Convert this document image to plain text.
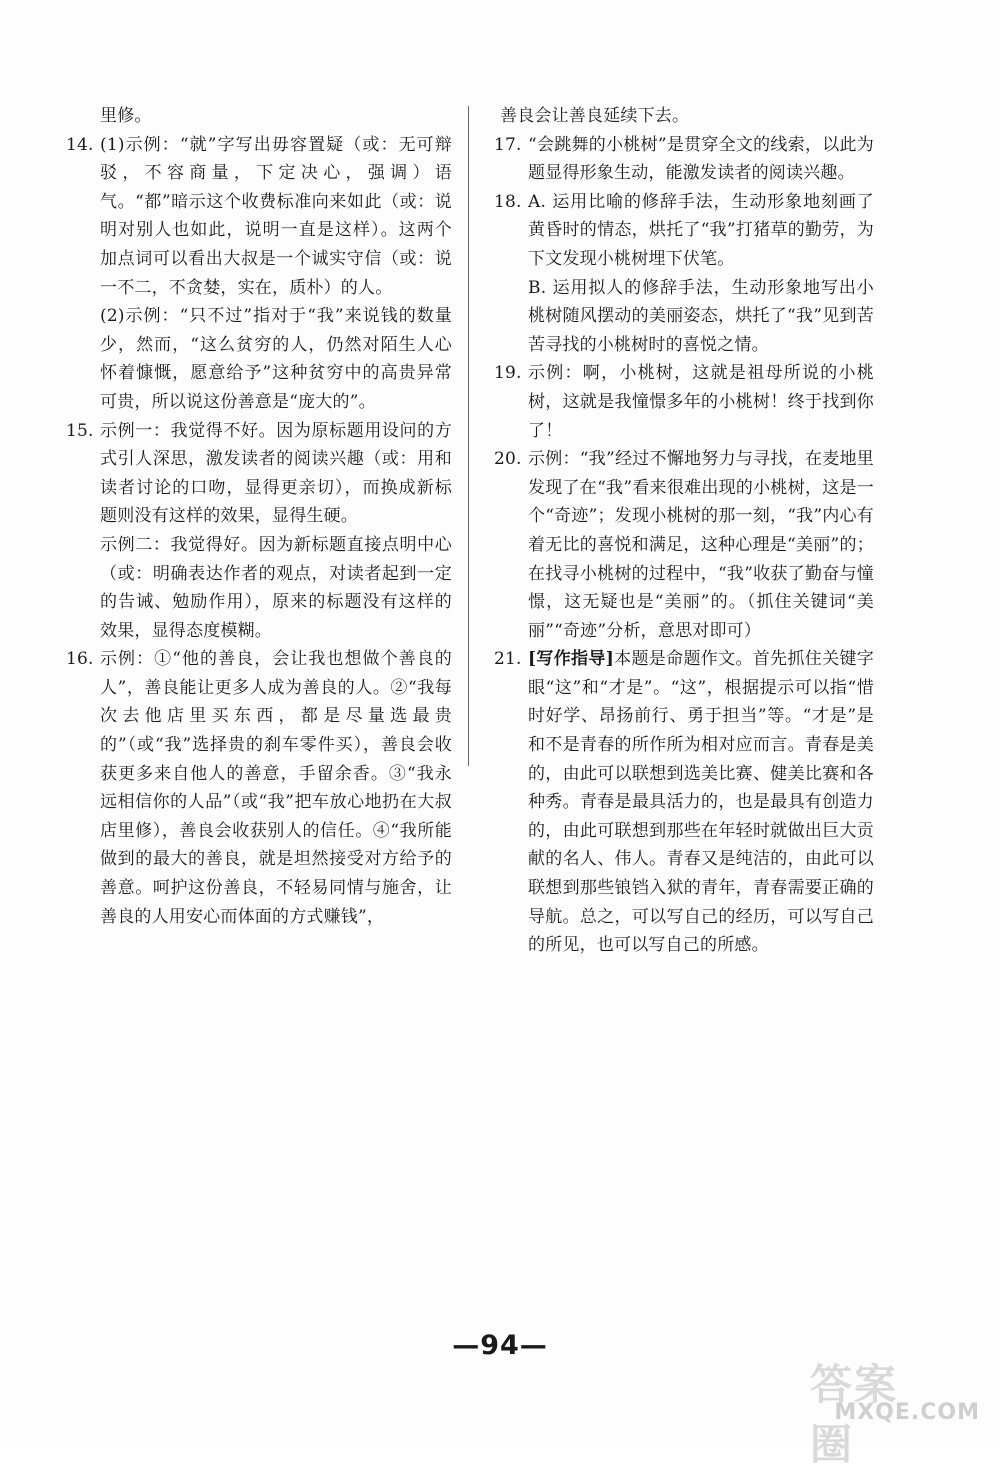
里修。

14. (1)示例：“就”字写出毋容置疑（或：无可辩驳，不容商量，下定决心，强调）语气。“都”暗示这个收费标准向来如此（或：说明对别人也如此，说明一直是这样）。这两个加点词可以看出大叔是一个诚实守信（或：说一不二，不贪婪，实在，质朴）的人。

(2)示例：“只不过”指对于“我”来说钱的数量少，然而，“这么贫穷的人，仍然对陌生人心怀着慷慨，愿意给予”这种贫穷中的高贵异常可贵，所以说这份善意是“庞大的”。

15. 示例一：我觉得不好。因为原标题用设问的方式引人深思，激发读者的阅读兴趣（或：用和读者讨论的口吻，显得更亲切），而换成新标题则没有这样的效果，显得生硬。

示例二：我觉得好。因为新标题直接点明中心（或：明确表达作者的观点，对读者起到一定的告诫、勉励作用），原来的标题没有这样的效果，显得态度模糊。

16. 示例：①“他的善良，会让我也想做个善良的人”，善良能让更多人成为善良的人。②“我每次去他店里买东西，都是尽量选最贵的”（或“我”选择贵的刹车零件买），善良会收获更多来自他人的善意，手留余香。③“我永远相信你的人品”（或“我”把车放心地扔在大叔店里修），善良会收获别人的信任。④“我所能做到的最大的善良，就是坦然接受对方给予的善意。呵护这份善良，不轻易同情与施舍，让善良的人用安心而体面的方式赚钱”，

善良会让善良延续下去。

17. “会跳舞的小桃树”是贯穿全文的线索，以此为题显得形象生动，能激发读者的阅读兴趣。

18. A. 运用比喻的修辞手法，生动形象地刻画了黄昏时的情态，烘托了“我”打猪草的勤劳，为下文发现小桃树埋下伏笔。

B. 运用拟人的修辞手法，生动形象地写出小桃树随风摆动的美丽姿态，烘托了“我”见到苦苦寻找的小桃树时的喜悦之情。

19. 示例：啊，小桃树，这就是祖母所说的小桃树，这就是我憧憬多年的小桃树！终于找到你了！

20. 示例：“我”经过不懈地努力与寻找，在麦地里发现了在“我”看来很难出现的小桃树，这是一个“奇迹”；发现小桃树的那一刻，“我”内心有着无比的喜悦和满足，这种心理是“美丽”的；在找寻小桃树的过程中，“我”收获了勤奋与憧憬，这无疑也是“美丽”的。（抓住关键词“美丽”“奇迹”分析，意思对即可）

21. [写作指导]本题是命题作文。首先抓住关键字眼“这”和“才是”。“这”，根据提示可以指“惜时好学、昂扬前行、勇于担当”等。“才是”是和不是青春的所作所为相对应而言。青春是美的，由此可以联想到选美比赛、健美比赛和各种秀。青春是最具活力的，也是最具有创造力的，由此可联想到那些在年轻时就做出巨大贡献的名人、伟人。青春又是纯洁的，由此可以联想到那些锒铛入狱的青年，青春需要正确的导航。总之，可以写自己的经历，可以写自己的所见，也可以写自己的所感。

—94—
答案圈
MXQE.COM
